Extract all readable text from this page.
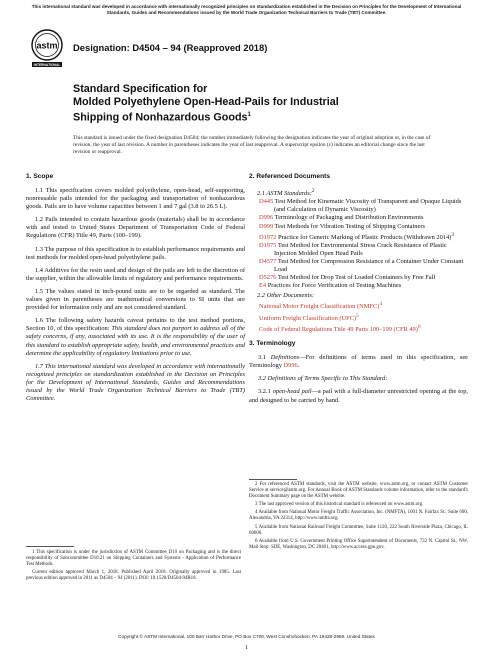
This international standard was developed in accordance with internationally recognized principles on standardization established in the Decision on Principles for the Development of International Standards, Guides and Recommendations issued by the World Trade Organization Technical Barriers to Trade (TBT) Committee.
astm
INTERNATIONAL
Designation: D4504 – 94 (Reapproved 2018)
Standard Specification for
Molded Polyethylene Open-Head-Pails for Industrial
Shipping of Nonhazardous Goods$^1$
This standard is issued under the fixed designation D4504; the number immediately following the designation indicates the year of original adoption or, in the case of revision, the year of last revision. A number in parentheses indicates the year of last reapproval. A superscript epsilon (ε) indicates an editorial change since the last revision or reapproval.
1. Scope

1.1 This specification covers molded polyethylene, open-head, self-supporting, nonreusable pails intended for the packaging and transportation of nonhazardous goods. Pails are to have volume capacities between 1 and 7 gal (3.8 to 26.5 L).

1.2 Pails intended to contain hazardous goods (materials) shall be in accordance with and tested to United States Department of Transportation Code of Federal Regulations (CFR) Title 49, Parts (100–199).

1.3 The purpose of this specification is to establish performance requirements and test methods for molded open-head polyethylene pails.

1.4 Additives for the resin used and design of the pails are left to the discretion of the supplier, within the allowable limits of regulatory and performance requirements.

1.5 The values stated in inch-pound units are to be regarded as standard. The values given in parentheses are mathematical conversions to SI units that are provided for information only and are not considered standard.

1.6 The following safety hazards caveat pertains to the test method portions, Section 10, of this specification: This standard does not purport to address all of the safety concerns, if any, associated with its use. It is the responsibility of the user of this standard to establish appropriate safety, health, and environmental practices and determine the applicability of regulatory limitations prior to use.

1.7 This international standard was developed in accordance with internationally recognized principles on standardization established in the Decision on Principles for the Development of International Standards, Guides and Recommendations issued by the World Trade Organization Technical Barriers to Trade (TBT) Committee.

1 This specification is under the jurisdiction of ASTM Committee D10 on Packaging and is the direct responsibility of Subcommittee D10.21 on Shipping Containers and Systems - Application of Performance Test Methods.

Current edition approved March 1, 2018. Published April 2018. Originally approved in 1985. Last previous edition approved in 2011 as D4504 – 94 (2011). DOI: 10.1520/D4504-94R18.

2. Referenced Documents
2.1 ASTM Standards:$^2$
D445 Test Method for Kinematic Viscosity of Transparent and Opaque Liquids (and Calculation of Dynamic Viscosity)
D996 Terminology of Packaging and Distribution Environments
D999 Test Methods for Vibration Testing of Shipping Containers
D1972 Practice for Generic Marking of Plastic Products (Withdrawn 2014)$^3$
D1975 Test Method for Environmental Stress Crack Resistance of Plastic Injection Molded Open Head Pails
D4577 Test Method for Compression Resistance of a Container Under Constant Load
D5276 Test Method for Drop Test of Loaded Containers by Free Fall
E4 Practices for Force Verification of Testing Machines
2.2 Other Documents:
National Motor Freight Classification (NMFC)$^4$
Uniform Freight Classification (UFC)$^5$
Code of Federal Regulations Title 49 Parts 100–199 (CFR 49)$^6$
3. Terminology

3.1 Definitions—For definitions of terms used in this specification, see Terminology D996.

3.2 Definitions of Terms Specific to This Standard:

3.2.1 open-head pail—a pail with a full-diameter unrestricted opening at the top, and designed to be carried by hand.

2 For referenced ASTM standards, visit the ASTM website, www.astm.org, or contact ASTM Customer Service at service@astm.org. For Annual Book of ASTM Standards volume information, refer to the standard's Document Summary page on the ASTM website.

3 The last approved version of this historical standard is referenced on www.astm.org.

4 Available from National Motor Freight Traffic Association, Inc. (NMFTA), 1001 N. Fairfax St., Suite 600, Alexandria, VA 22314, http://www.nmfta.org.

5 Available from National Railroad Freight Committee, Suite 1120, 222 South Riverside Plaza, Chicago, IL 60606.

6 Available from U.S. Government Printing Office Superintendent of Documents, 732 N. Capitol St., NW, Mail Stop: SDE, Washington, DC 20401, http://www.access.gpo.gov.

Copyright © ASTM International, 100 Barr Harbor Drive, PO Box C700, West Conshohocken, PA 19428-2959. United States
1
